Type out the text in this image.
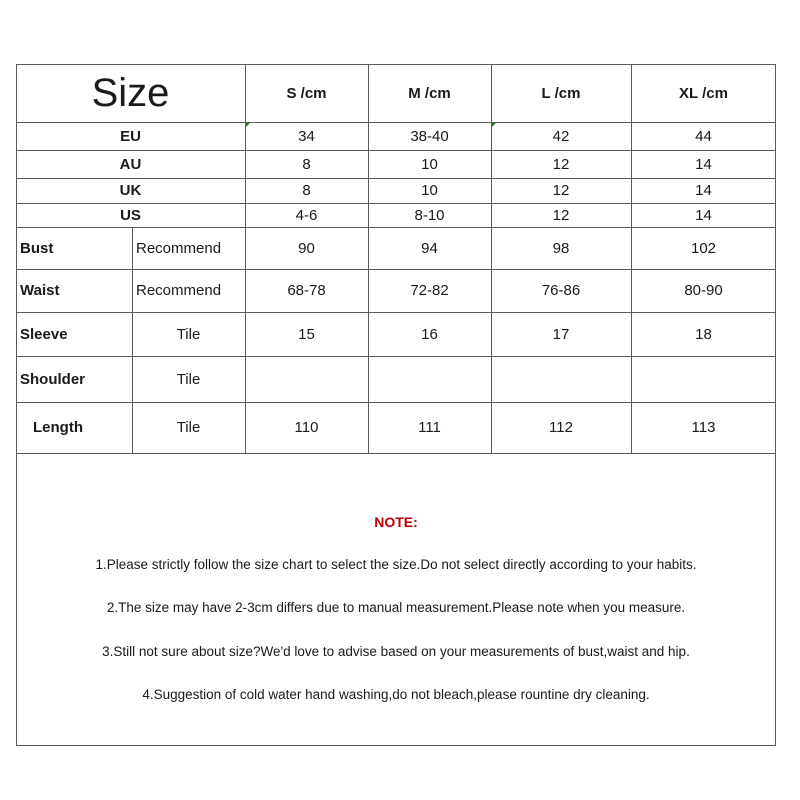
Size	S /cm	M /cm	L /cm	XL /cm
EU	34	38-40	42	44
AU	8	10	12	14
UK	8	10	12	14
US	4-6	8-10	12	14
Bust	Recommend	90	94	98	102
Waist	Recommend	68-78	72-82	76-86	80-90
Sleeve	Tile	15	16	17	18
Shoulder	Tile
Length	Tile	110	111	112	113
NOTE:
1.Please strictly follow the size chart to select the size.Do not select directly according to your habits.
2.The size may have 2-3cm differs due to manual measurement.Please note when you measure.
3.Still not sure about size?We'd love to advise based on your measurements of bust,waist and hip.
4.Suggestion of cold water hand washing,do not bleach,please rountine dry cleaning.
